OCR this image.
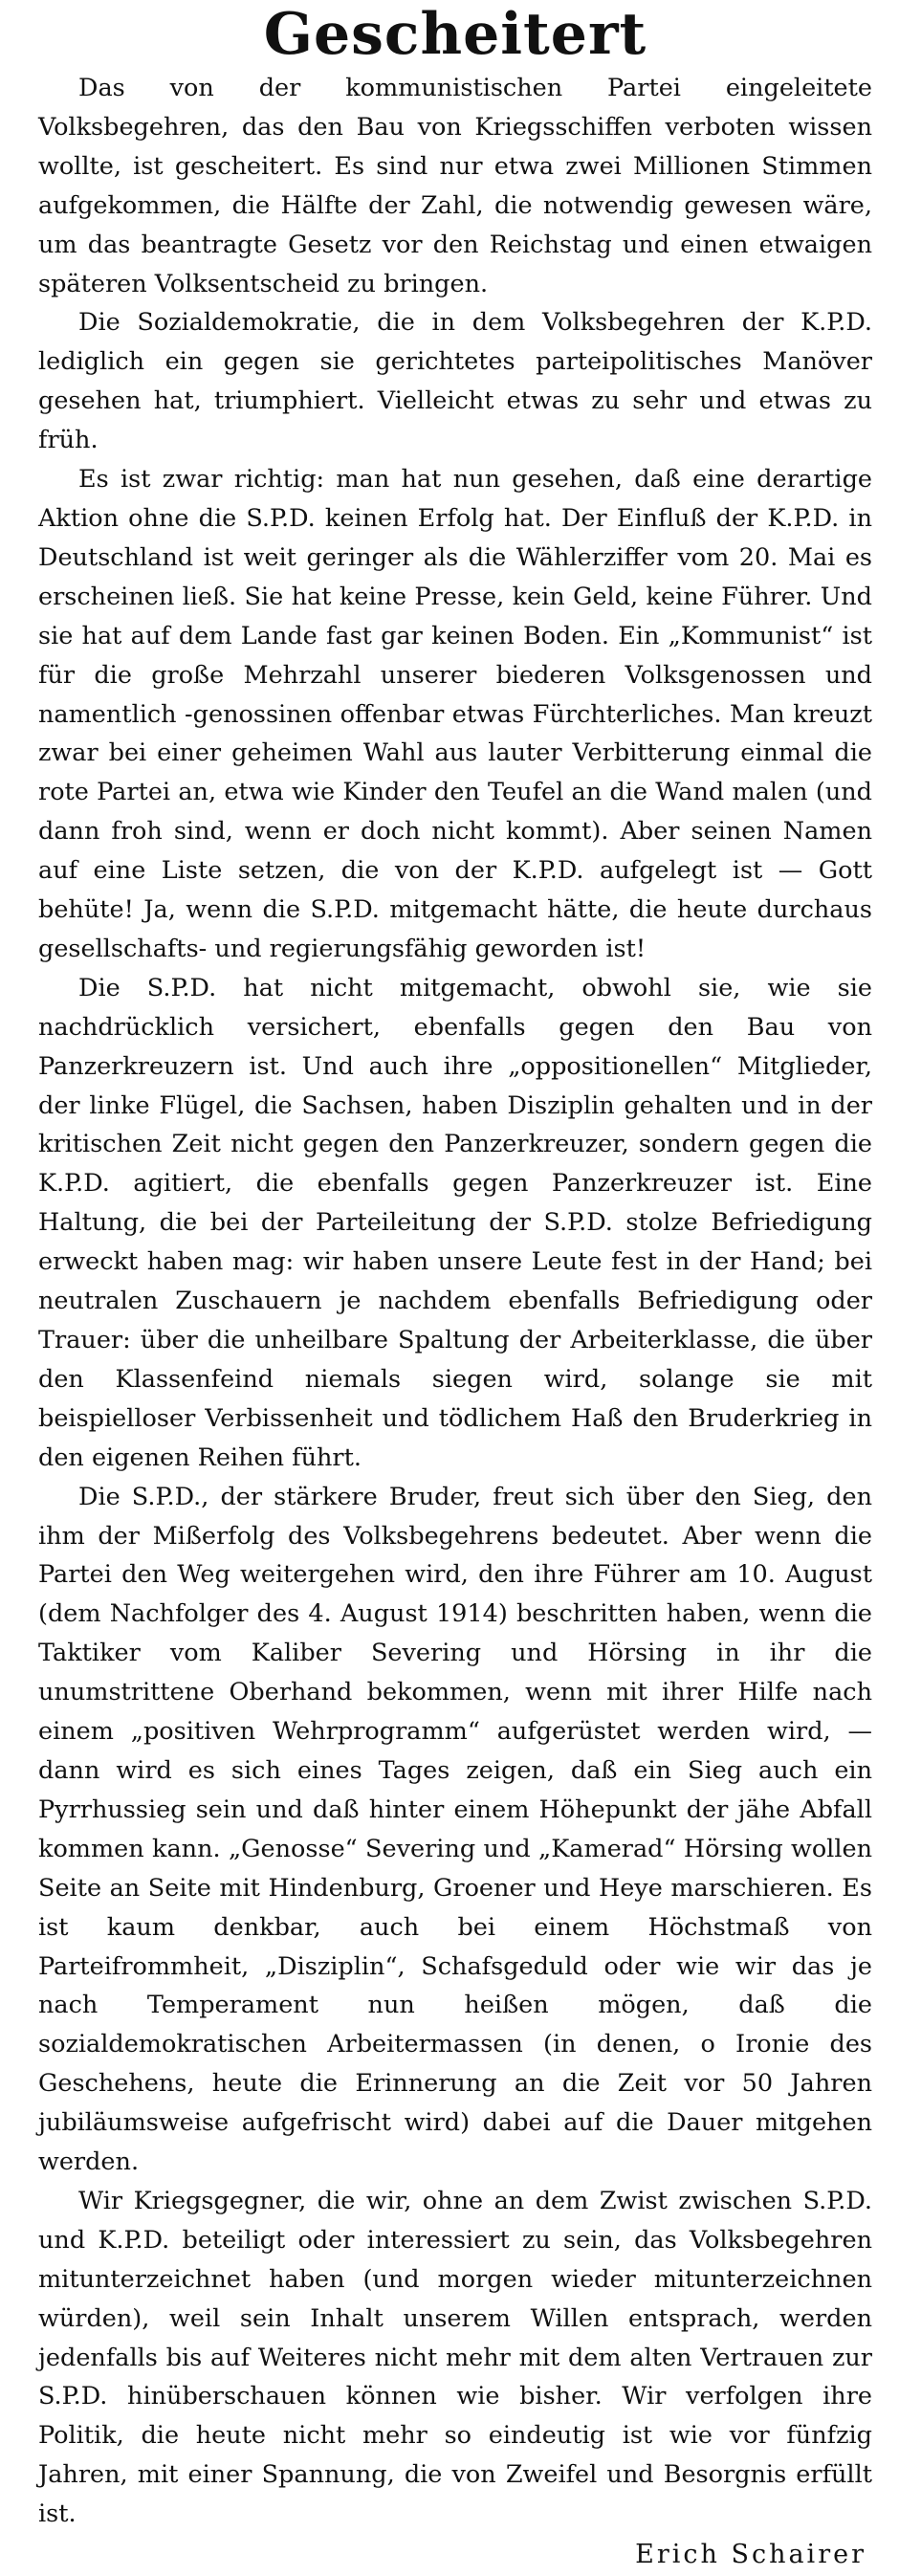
Gescheitert

Das von der kommunistischen Partei eingeleitete Volksbegehren, das den Bau von Kriegsschiffen verboten wissen wollte, ist gescheitert. Es sind nur etwa zwei Millionen Stimmen aufgekommen, die Hälfte der Zahl, die notwendig gewesen wäre, um das beantragte Gesetz vor den Reichstag und einen etwaigen späteren Volksentscheid zu bringen.

Die Sozialdemokratie, die in dem Volksbegehren der K.P.D. lediglich ein gegen sie gerichtetes parteipolitisches Manöver gesehen hat, triumphiert. Vielleicht etwas zu sehr und etwas zu früh.

Es ist zwar richtig: man hat nun gesehen, daß eine derartige Aktion ohne die S.P.D. keinen Erfolg hat. Der Einfluß der K.P.D. in Deutschland ist weit geringer als die Wählerziffer vom 20. Mai es erscheinen ließ. Sie hat keine Presse, kein Geld, keine Führer. Und sie hat auf dem Lande fast gar keinen Boden. Ein „Kommunist“ ist für die große Mehrzahl unserer biederen Volksgenossen und namentlich -genossinen offenbar etwas Fürchterliches. Man kreuzt zwar bei einer geheimen Wahl aus lauter Verbitterung einmal die rote Partei an, etwa wie Kinder den Teufel an die Wand malen (und dann froh sind, wenn er doch nicht kommt). Aber seinen Namen auf eine Liste setzen, die von der K.P.D. aufgelegt ist — Gott behüte! Ja, wenn die S.P.D. mitgemacht hätte, die heute durchaus gesellschafts- und regierungsfähig geworden ist!

Die S.P.D. hat nicht mitgemacht, obwohl sie, wie sie nachdrücklich versichert, ebenfalls gegen den Bau von Panzerkreuzern ist. Und auch ihre „oppositionellen“ Mitglieder, der linke Flügel, die Sachsen, haben Disziplin gehalten und in der kritischen Zeit nicht gegen den Panzerkreuzer, sondern gegen die K.P.D. agitiert, die ebenfalls gegen Panzerkreuzer ist. Eine Haltung, die bei der Parteileitung der S.P.D. stolze Befriedigung erweckt haben mag: wir haben unsere Leute fest in der Hand; bei neutralen Zuschauern je nachdem ebenfalls Befriedigung oder Trauer: über die unheilbare Spaltung der Arbeiterklasse, die über den Klassenfeind niemals siegen wird, solange sie mit beispielloser Verbissenheit und tödlichem Haß den Bruderkrieg in den eigenen Reihen führt.

Die S.P.D., der stärkere Bruder, freut sich über den Sieg, den ihm der Mißerfolg des Volksbegehrens bedeutet. Aber wenn die Partei den Weg weitergehen wird, den ihre Führer am 10. August (dem Nachfolger des 4. August 1914) beschritten haben, wenn die Taktiker vom Kaliber Severing und Hörsing in ihr die unumstrittene Oberhand bekommen, wenn mit ihrer Hilfe nach einem „positiven Wehrprogramm“ aufgerüstet werden wird, — dann wird es sich eines Tages zeigen, daß ein Sieg auch ein Pyrrhussieg sein und daß hinter einem Höhepunkt der jähe Abfall kommen kann. „Genosse“ Severing und „Kamerad“ Hörsing wollen Seite an Seite mit Hindenburg, Groener und Heye marschieren. Es ist kaum denkbar, auch bei einem Höchstmaß von Parteifrommheit, „Disziplin“, Schafsgeduld oder wie wir das je nach Temperament nun heißen mögen, daß die sozialdemokratischen Arbeitermassen (in denen, o Ironie des Geschehens, heute die Erinnerung an die Zeit vor 50 Jahren jubiläumsweise aufgefrischt wird) dabei auf die Dauer mitgehen werden.

Wir Kriegsgegner, die wir, ohne an dem Zwist zwischen S.P.D. und K.P.D. beteiligt oder interessiert zu sein, das Volksbegehren mitunterzeichnet haben (und morgen wieder mitunterzeichnen würden), weil sein Inhalt unserem Willen entsprach, werden jedenfalls bis auf Weiteres nicht mehr mit dem alten Vertrauen zur S.P.D. hinüberschauen können wie bisher. Wir verfolgen ihre Politik, die heute nicht mehr so eindeutig ist wie vor fünfzig Jahren, mit einer Spannung, die von Zweifel und Besorgnis erfüllt ist.

Erich Schairer
